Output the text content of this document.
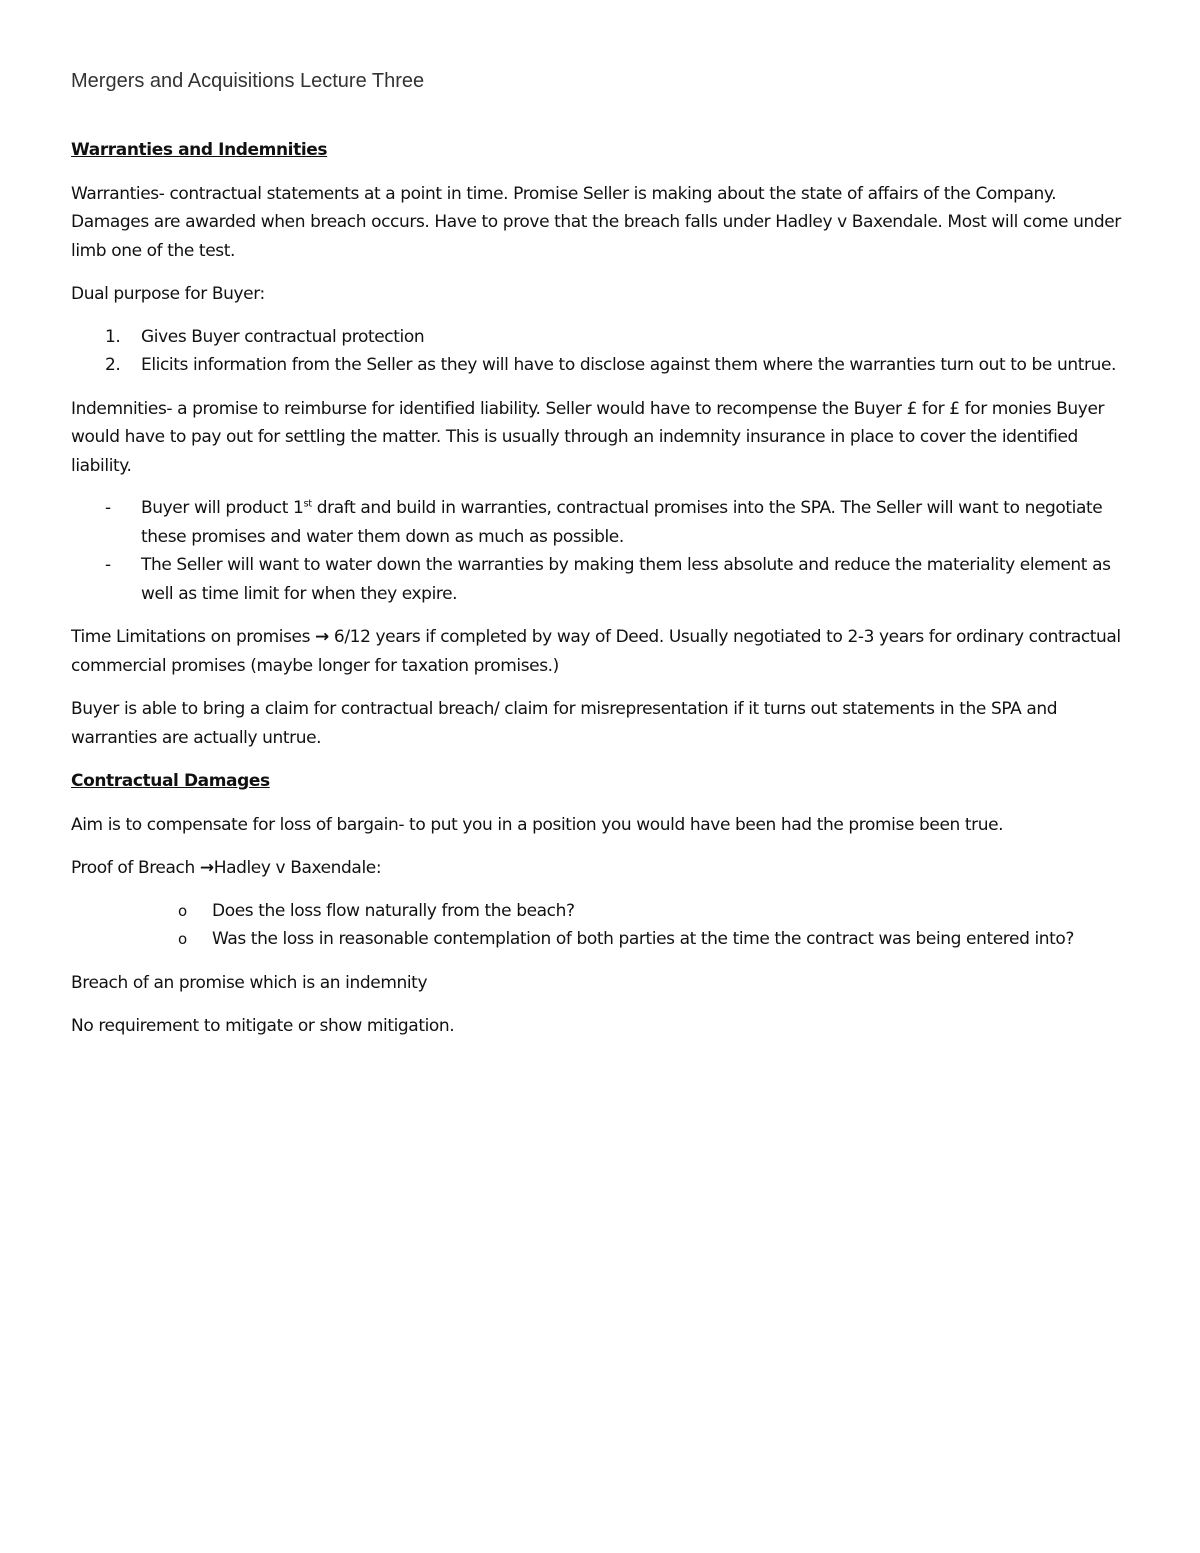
Mergers and Acquisitions Lecture Three
Warranties and Indemnities

Warranties- contractual statements at a point in time. Promise Seller is making about the state of affairs of the Company. Damages are awarded when breach occurs. Have to prove that the breach falls under Hadley v Baxendale. Most will come under limb one of the test.

Dual purpose for Buyer:

1. Gives Buyer contractual protection
2. Elicits information from the Seller as they will have to disclose against them where the warranties turn out to be untrue.

Indemnities- a promise to reimburse for identified liability. Seller would have to recompense the Buyer £ for £ for monies Buyer would have to pay out for settling the matter. This is usually through an indemnity insurance in place to cover the identified liability.

- Buyer will product 1st draft and build in warranties, contractual promises into the SPA. The Seller will want to negotiate these promises and water them down as much as possible.
- The Seller will want to water down the warranties by making them less absolute and reduce the materiality element as well as time limit for when they expire.

Time Limitations on promises → 6/12 years if completed by way of Deed. Usually negotiated to 2-3 years for ordinary contractual commercial promises (maybe longer for taxation promises.)

Buyer is able to bring a claim for contractual breach/ claim for misrepresentation if it turns out statements in the SPA and warranties are actually untrue.

Contractual Damages

Aim is to compensate for loss of bargain- to put you in a position you would have been had the promise been true.

Proof of Breach →Hadley v Baxendale:

o Does the loss flow naturally from the beach?
o Was the loss in reasonable contemplation of both parties at the time the contract was being entered into?

Breach of an promise which is an indemnity

No requirement to mitigate or show mitigation.
